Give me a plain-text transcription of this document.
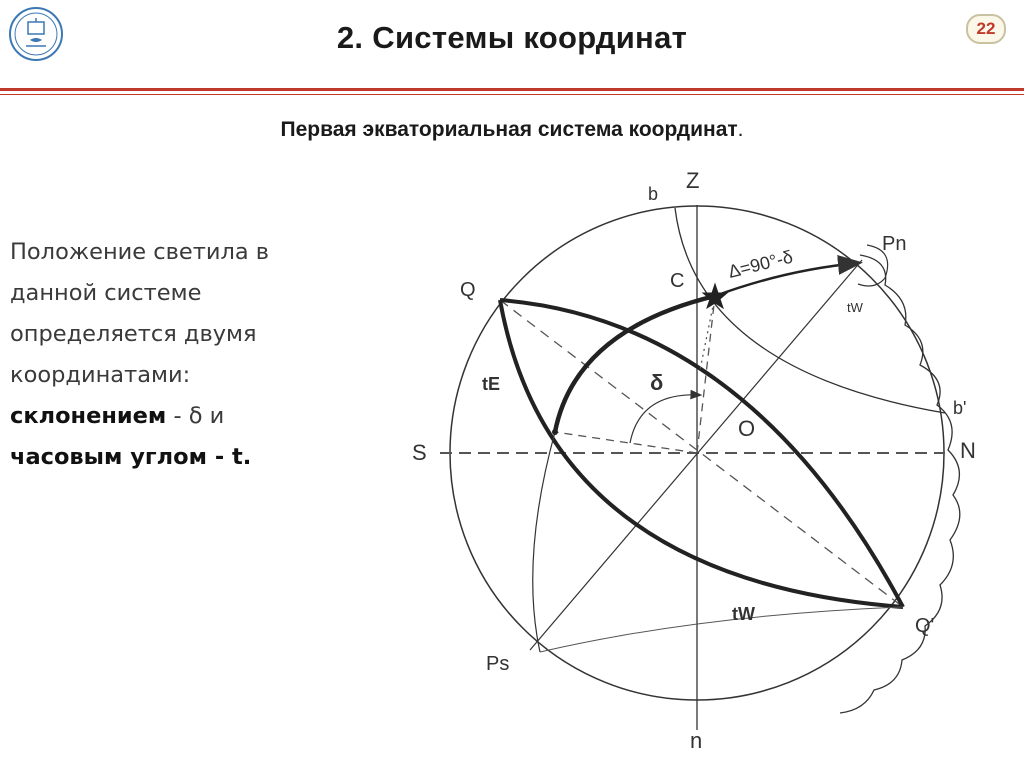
2. Системы координат	22
Первая экваториальная система координат.
Положение светила в
данной системе
определяется двумя
координатами:
склонением - δ и
часовым углом - t.
Z
n
S	N
Q
Q'
Pn
Ps
b
b'
C
O
δ
Δ=90°-δ
tE
tW
tW
